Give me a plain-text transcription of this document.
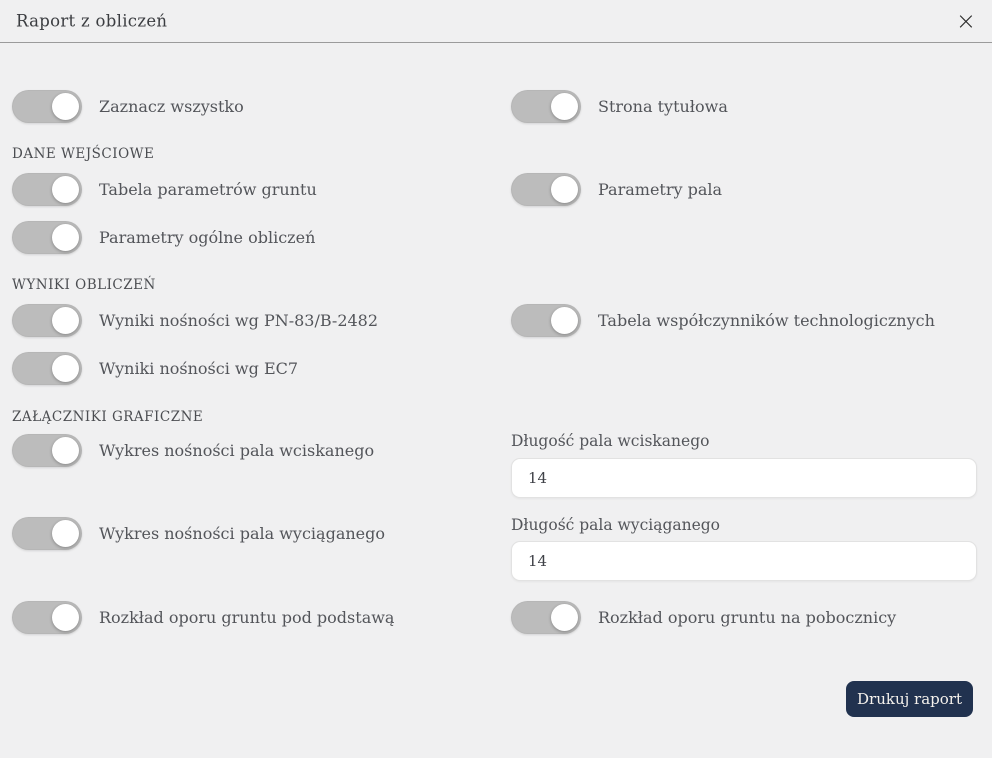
Raport z obliczeń	×
Zaznacz wszystko	Strona tytułowa
DANE WEJŚCIOWE
Tabela parametrów gruntu	Parametry pala
Parametry ogólne obliczeń
WYNIKI OBLICZEŃ
Wyniki nośności wg PN-83/B-2482	Tabela współczynników technologicznych
Wyniki nośności wg EC7
ZAŁĄCZNIKI GRAFICZNE
Wykres nośności pala wciskanego	Długość pala wciskanego
14
Wykres nośności pala wyciąganego	Długość pala wyciąganego
14
Rozkład oporu gruntu pod podstawą	Rozkład oporu gruntu na pobocznicy
Drukuj raport
